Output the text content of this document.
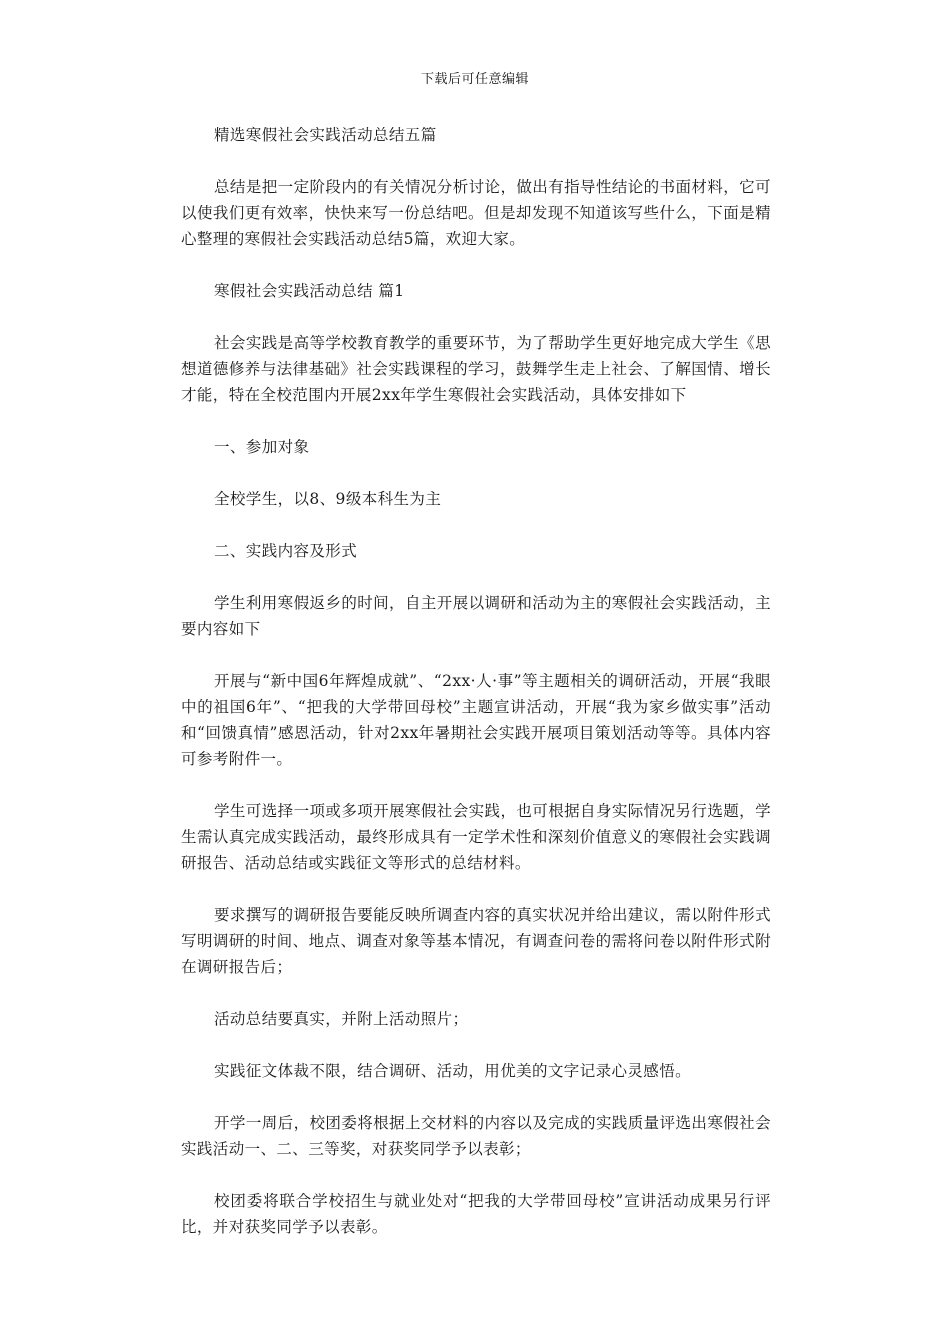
下载后可任意编辑

精选寒假社会实践活动总结五篇

总结是把一定阶段内的有关情况分析讨论，做出有指导性结论的书面材料，它可以使我们更有效率，快快来写一份总结吧。但是却发现不知道该写些什么，下面是精心整理的寒假社会实践活动总结5篇，欢迎大家。

寒假社会实践活动总结 篇1

社会实践是高等学校教育教学的重要环节，为了帮助学生更好地完成大学生《思想道德修养与法律基础》社会实践课程的学习，鼓舞学生走上社会、了解国情、增长才能，特在全校范围内开展2xx年学生寒假社会实践活动，具体安排如下

一、参加对象

全校学生，以8、9级本科生为主

二、实践内容及形式

学生利用寒假返乡的时间，自主开展以调研和活动为主的寒假社会实践活动，主要内容如下

开展与“新中国6年辉煌成就”、“2xx·人·事”等主题相关的调研活动，开展“我眼中的祖国6年”、“把我的大学带回母校”主题宣讲活动，开展“我为家乡做实事”活动和“回馈真情”感恩活动，针对2xx年暑期社会实践开展项目策划活动等等。具体内容可参考附件一。

学生可选择一项或多项开展寒假社会实践，也可根据自身实际情况另行选题，学生需认真完成实践活动，最终形成具有一定学术性和深刻价值意义的寒假社会实践调研报告、活动总结或实践征文等形式的总结材料。

要求撰写的调研报告要能反映所调查内容的真实状况并给出建议，需以附件形式写明调研的时间、地点、调查对象等基本情况，有调查问卷的需将问卷以附件形式附在调研报告后；

活动总结要真实，并附上活动照片；

实践征文体裁不限，结合调研、活动，用优美的文字记录心灵感悟。

开学一周后，校团委将根据上交材料的内容以及完成的实践质量评选出寒假社会实践活动一、二、三等奖，对获奖同学予以表彰；

校团委将联合学校招生与就业处对“把我的大学带回母校”宣讲活动成果另行评比，并对获奖同学予以表彰。
